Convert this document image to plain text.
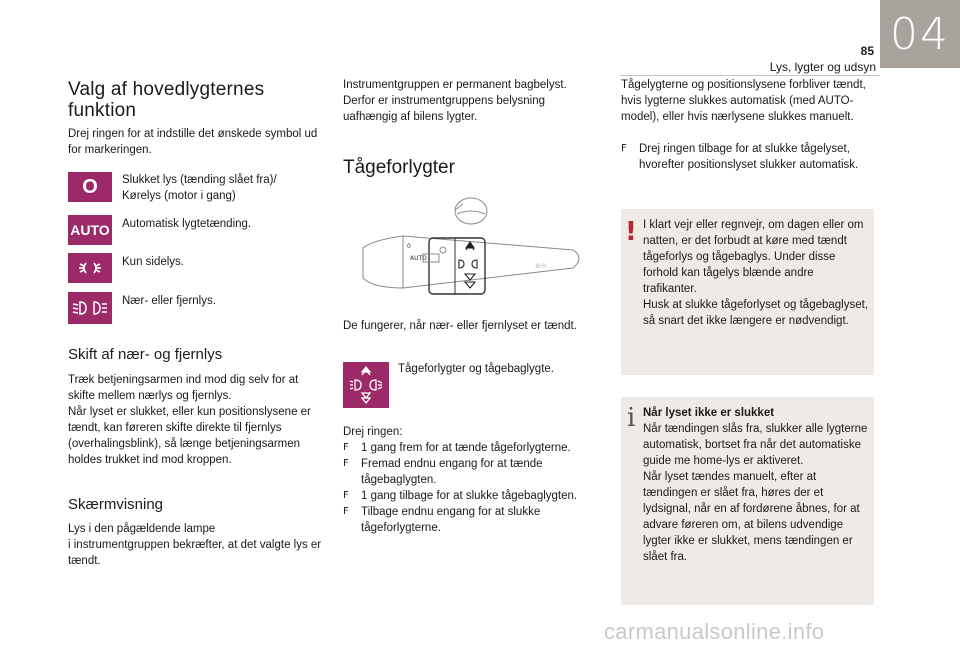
04
85
Lys, lygter og udsyn
Valg af hovedlygternes funktion

Drej ringen for at indstille det ønskede symbol ud for markeringen.

O Slukket lys (tænding slået fra)/ Kørelys (motor i gang)
AUTO Automatisk lygtetænding.
Kun sidelys.
Nær- eller fjernlys.
Skift af nær- og fjernlys

Træk betjeningsarmen ind mod dig selv for at skifte mellem nærlys og fjernlys.
Når lyset er slukket, eller kun positionslysene er tændt, kan føreren skifte direkte til fjernlys (overhalingsblink), så længe betjeningsarmen holdes trukket ind mod kroppen.

Skærmvisning

Lys i den pågældende lampe
i instrumentgruppen bekræfter, at det valgte lys er tændt.

Instrumentgruppen er permanent bagbelyst. Derfor er instrumentgruppens belysning uafhængig af bilens lygter.

Tågeforlygter
AUTO
0
⊕⊖

De fungerer, når nær- eller fjernlyset er tændt.

Tågeforlygter og tågebaglygte.

Drej ringen:

F	1 gang frem for at tænde tågeforlygterne.
F	Fremad endnu engang for at tænde tågebaglygten.
F	1 gang tilbage for at slukke tågebaglygten.
F	Tilbage endnu engang for at slukke tågeforlygterne.

Tågelygterne og positionslysene forbliver tændt, hvis lygterne slukkes automatisk (med AUTO-model), eller hvis nærlysene slukkes manuelt.

F	Drej ringen tilbage for at slukke tågelyset, hvorefter positionslyset slukker automatisk.
! I klart vejr eller regnvejr, om dagen eller om natten, er det forbudt at køre med tændt tågeforlys og tågebaglys. Under disse forhold kan tågelys blænde andre trafikanter.
Husk at slukke tågeforlyset og tågebaglyset, så snart det ikke længere er nødvendigt.
i Når lyset ikke er slukket
Når tændingen slås fra, slukker alle lygterne automatisk, bortset fra når det automatiske guide me home-lys er aktiveret.
Når lyset tændes manuelt, efter at tændingen er slået fra, høres der et lydsignal, når en af fordørene åbnes, for at advare føreren om, at bilens udvendige lygter ikke er slukket, mens tændingen er slået fra.
carmanualsonline.info
